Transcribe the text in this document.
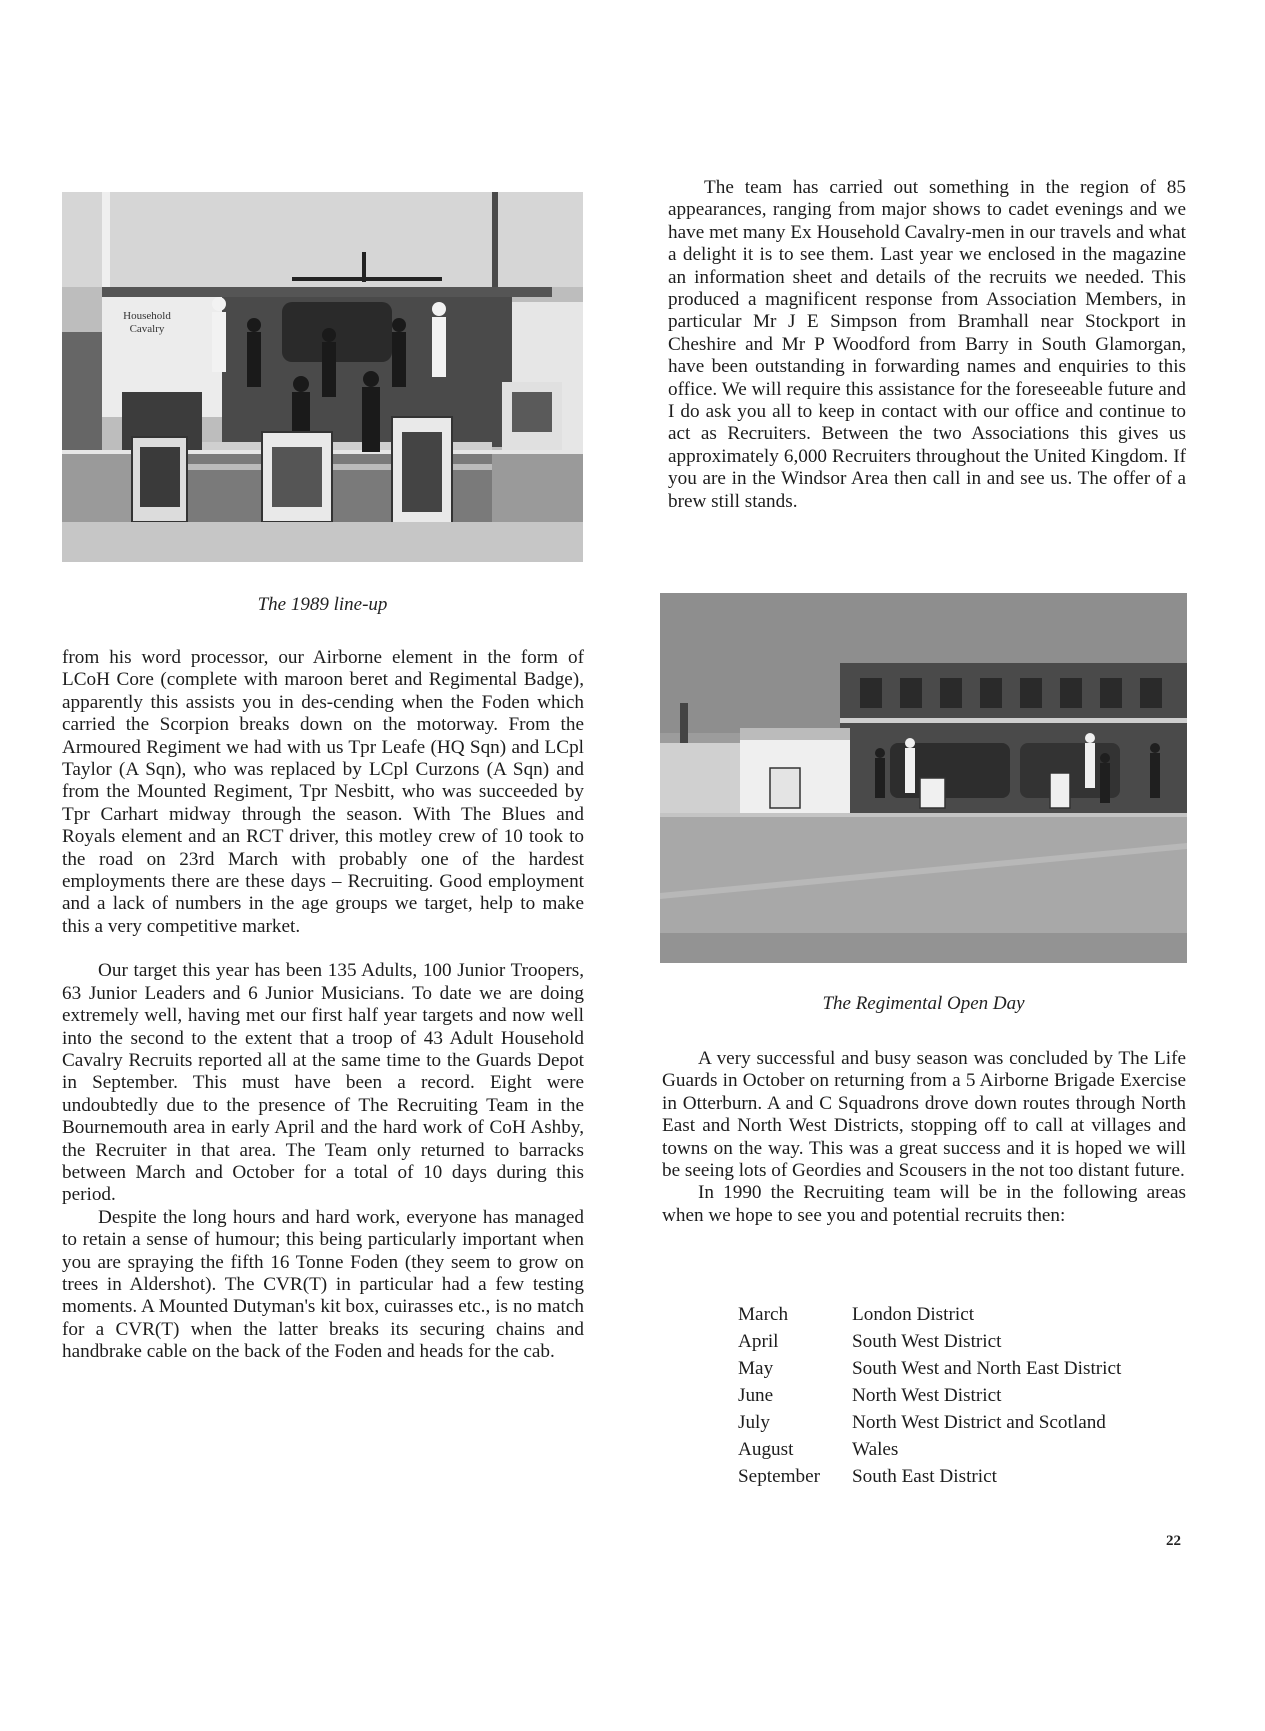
Household Cavalry
The 1989 line-up

The team has carried out something in the region of 85 appearances, ranging from major shows to cadet evenings and we have met many Ex Household Cavalry-men in our travels and what a delight it is to see them. Last year we enclosed in the magazine an information sheet and details of the recruits we needed. This produced a magnificent response from Association Members, in particular Mr J E Simpson from Bramhall near Stockport in Cheshire and Mr P Woodford from Barry in South Glamorgan, have been outstanding in forwarding names and enquiries to this office. We will require this assistance for the foreseeable future and I do ask you all to keep in contact with our office and continue to act as Recruiters. Between the two Associations this gives us approximately 6,000 Recruiters throughout the United Kingdom. If you are in the Windsor Area then call in and see us. The offer of a brew still stands.

from his word processor, our Airborne element in the form of LCoH Core (complete with maroon beret and Regimental Badge), apparently this assists you in des-cending when the Foden which carried the Scorpion breaks down on the motorway. From the Armoured Regiment we had with us Tpr Leafe (HQ Sqn) and LCpl Taylor (A Sqn), who was replaced by LCpl Curzons (A Sqn) and from the Mounted Regiment, Tpr Nesbitt, who was succeeded by Tpr Carhart midway through the season. With The Blues and Royals element and an RCT driver, this motley crew of 10 took to the road on 23rd March with probably one of the hardest employments there are these days – Recruiting. Good employment and a lack of numbers in the age groups we target, help to make this a very competitive market.

Our target this year has been 135 Adults, 100 Junior Troopers, 63 Junior Leaders and 6 Junior Musicians. To date we are doing extremely well, having met our first half year targets and now well into the second to the extent that a troop of 43 Adult Household Cavalry Recruits reported all at the same time to the Guards Depot in September. This must have been a record. Eight were undoubtedly due to the presence of The Recruiting Team in the Bournemouth area in early April and the hard work of CoH Ashby, the Recruiter in that area. The Team only returned to barracks between March and October for a total of 10 days during this period.

Despite the long hours and hard work, everyone has managed to retain a sense of humour; this being particularly important when you are spraying the fifth 16 Tonne Foden (they seem to grow on trees in Aldershot). The CVR(T) in particular had a few testing moments. A Mounted Dutyman's kit box, cuirasses etc., is no match for a CVR(T) when the latter breaks its securing chains and handbrake cable on the back of the Foden and heads for the cab.

The Regimental Open Day

A very successful and busy season was concluded by The Life Guards in October on returning from a 5 Airborne Brigade Exercise in Otterburn. A and C Squadrons drove down routes through North East and North West Districts, stopping off to call at villages and towns on the way. This was a great success and it is hoped we will be seeing lots of Geordies and Scousers in the not too distant future.

In 1990 the Recruiting team will be in the following areas when we hope to see you and potential recruits then:

March	London District
April	South West District
May	South West and North East District
June	North West District
July	North West District and Scotland
August	Wales
September	South East District
22
